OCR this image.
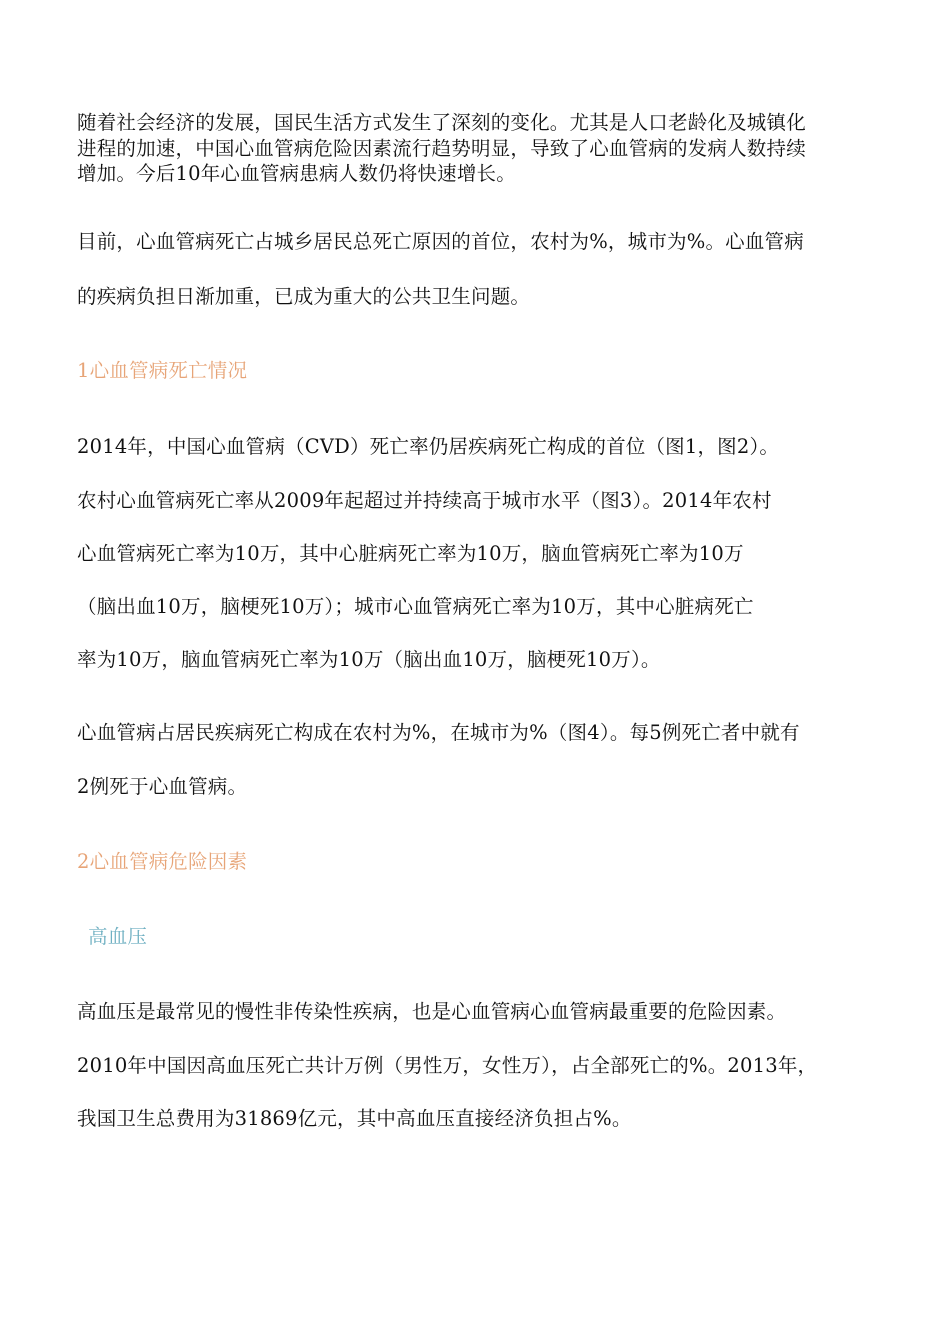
随着社会经济的发展，国民生活方式发生了深刻的变化。尤其是人口老龄化及城镇化
进程的加速，中国心血管病危险因素流行趋势明显，导致了心血管病的发病人数持续
增加。今后10年心血管病患病人数仍将快速增长。
目前，心血管病死亡占城乡居民总死亡原因的首位，农村为%，城市为%。心血管病
的疾病负担日渐加重，已成为重大的公共卫生问题。
1心血管病死亡情况
2014年，中国心血管病（CVD）死亡率仍居疾病死亡构成的首位（图1，图2）。
农村心血管病死亡率从2009年起超过并持续高于城市水平（图3）。2014年农村
心血管病死亡率为10万，其中心脏病死亡率为10万，脑血管病死亡率为10万
（脑出血10万，脑梗死10万）；城市心血管病死亡率为10万，其中心脏病死亡
率为10万，脑血管病死亡率为10万（脑出血10万，脑梗死10万）。
心血管病占居民疾病死亡构成在农村为%，在城市为%（图4）。每5例死亡者中就有
2例死于心血管病。
2心血管病危险因素
高血压
高血压是最常见的慢性非传染性疾病，也是心血管病心血管病最重要的危险因素。
2010年中国因高血压死亡共计万例（男性万，女性万），占全部死亡的%。2013年，
我国卫生总费用为31869亿元，其中高血压直接经济负担占%。
